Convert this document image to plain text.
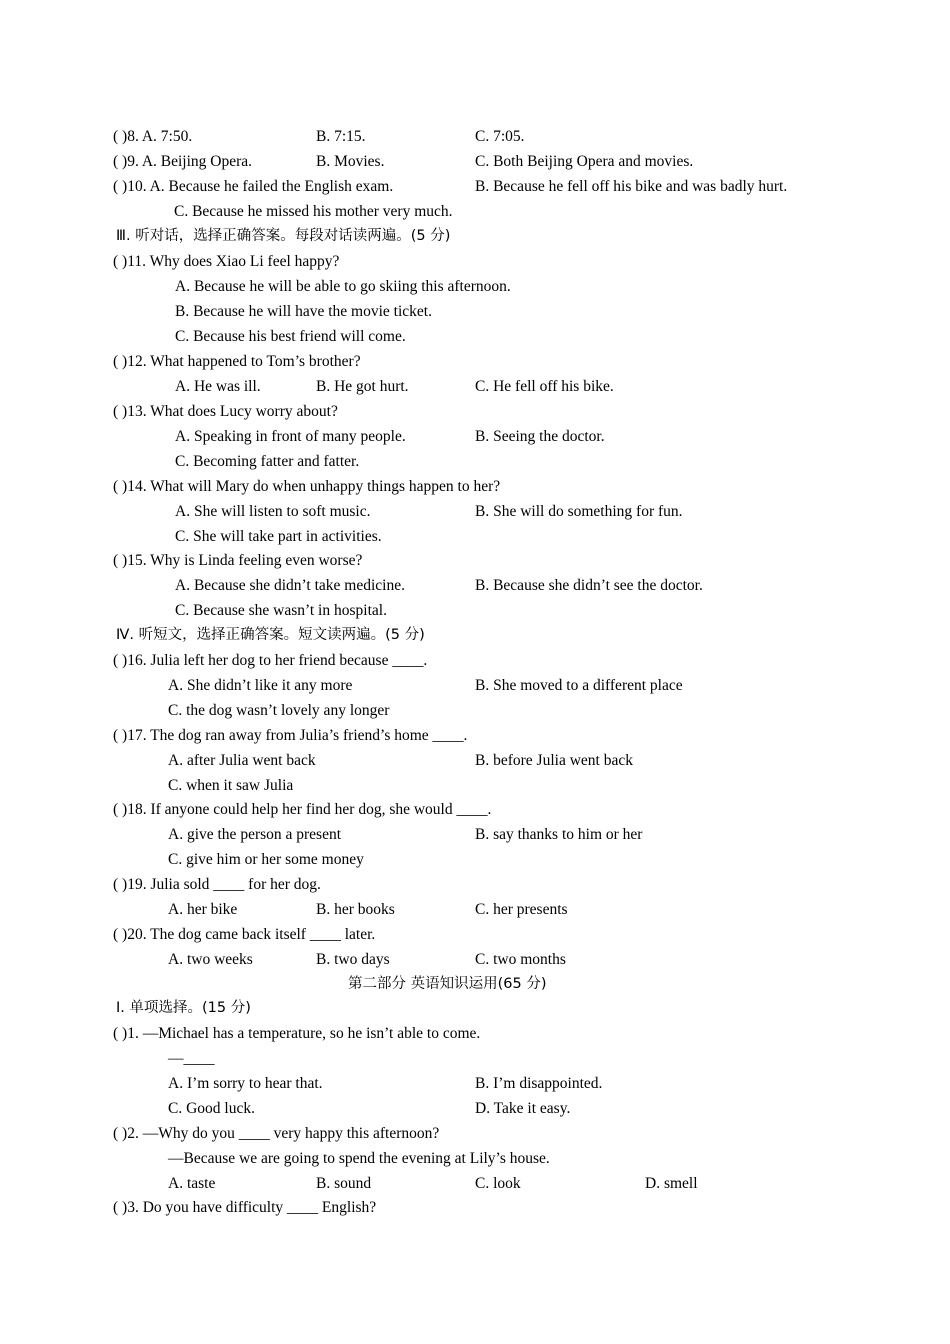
( )8. A. 7:50.	B. 7:15.	C. 7:05.
( )9. A. Beijing Opera.	B. Movies.	C. Both Beijing Opera and movies.
( )10. A. Because he failed the English exam.	B. Because he fell off his bike and was badly hurt.
C. Because he missed his mother very much.
Ⅲ. 听对话，选择正确答案。每段对话读两遍。(5 分)
( )11. Why does Xiao Li feel happy?
A. Because he will be able to go skiing this afternoon.
B. Because he will have the movie ticket.
C. Because his best friend will come.
( )12. What happened to Tom’s brother?
A. He was ill.	B. He got hurt.	C. He fell off his bike.
( )13. What does Lucy worry about?
A. Speaking in front of many people.	B. Seeing the doctor.
C. Becoming fatter and fatter.
( )14. What will Mary do when unhappy things happen to her?
A. She will listen to soft music.	B. She will do something for fun.
C. She will take part in activities.
( )15. Why is Linda feeling even worse?
A. Because she didn’t take medicine.	B. Because she didn’t see the doctor.
C. Because she wasn’t in hospital.
Ⅳ. 听短文，选择正确答案。短文读两遍。(5 分)
( )16. Julia left her dog to her friend because ____.
A. She didn’t like it any more	B. She moved to a different place
C. the dog wasn’t lovely any longer
( )17. The dog ran away from Julia’s friend’s home ____.
A. after Julia went back	B. before Julia went back
C. when it saw Julia
( )18. If anyone could help her find her dog, she would ____.
A. give the person a present	B. say thanks to him or her
C. give him or her some money
( )19. Julia sold ____ for her dog.
A. her bike	B. her books	C. her presents
( )20. The dog came back itself ____ later.
A. two weeks	B. two days	C. two months
第二部分 英语知识运用(65 分)
Ⅰ. 单项选择。(15 分)
( )1. —Michael has a temperature, so he isn’t able to come.
—____
A. I’m sorry to hear that.	B. I’m disappointed.
C. Good luck.	D. Take it easy.
( )2. —Why do you ____ very happy this afternoon?
—Because we are going to spend the evening at Lily’s house.
A. taste	B. sound	C. look	D. smell
( )3. Do you have difficulty ____ English?
